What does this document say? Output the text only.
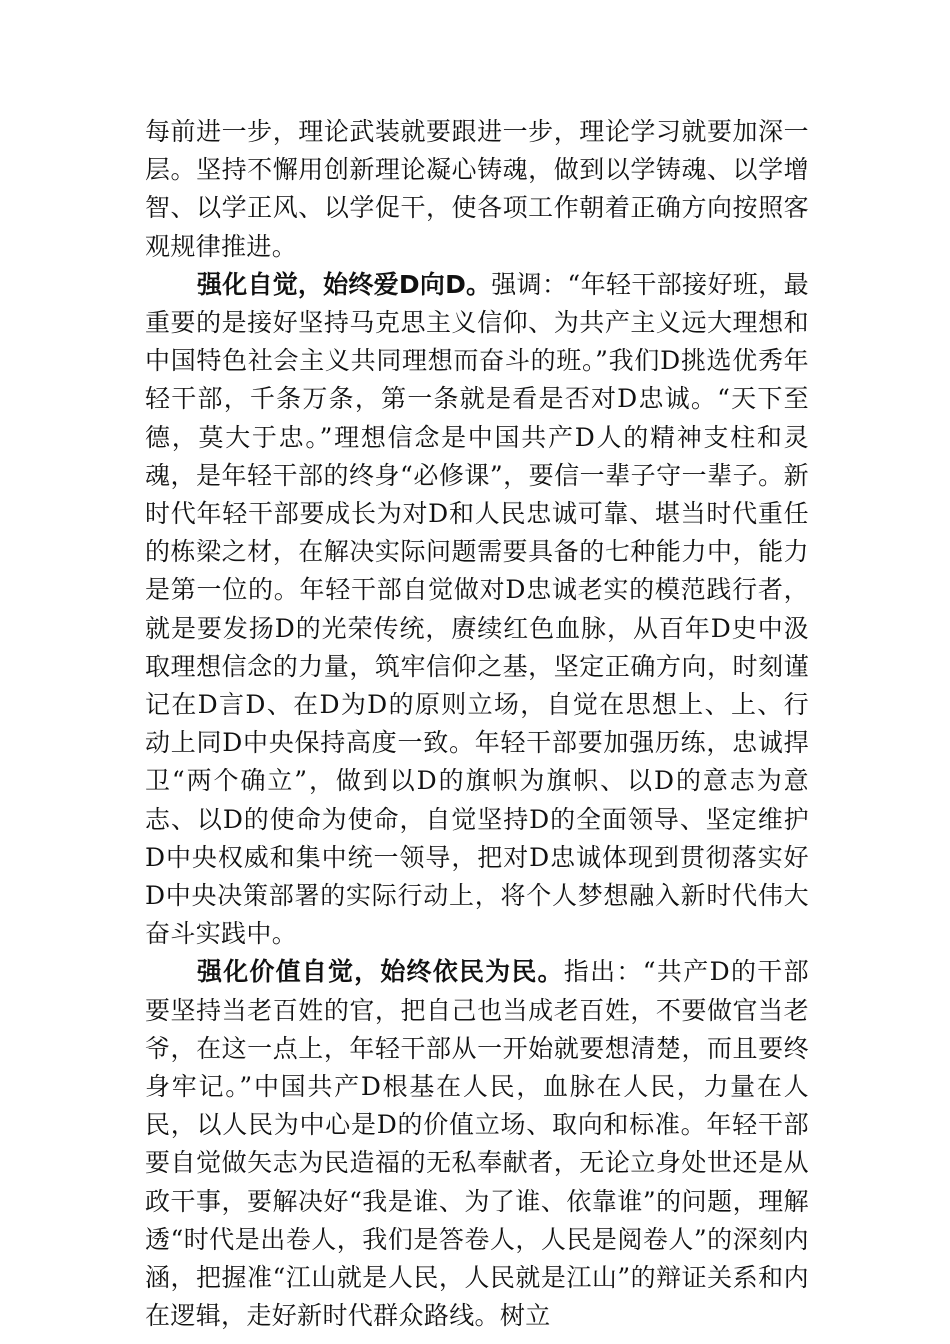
每前进一步，理论武装就要跟进一步，理论学习就要加深一层。坚持不懈用创新理论凝心铸魂，做到以学铸魂、以学增智、以学正风、以学促干，使各项工作朝着正确方向按照客观规律推进。

强化自觉，始终爱D向D。强调：“年轻干部接好班，最重要的是接好坚持马克思主义信仰、为共产主义远大理想和中国特色社会主义共同理想而奋斗的班。”我们D挑选优秀年轻干部，千条万条，第一条就是看是否对D忠诚。“天下至德，莫大于忠。”理想信念是中国共产D人的精神支柱和灵魂，是年轻干部的终身“必修课”，要信一辈子守一辈子。新时代年轻干部要成长为对D和人民忠诚可靠、堪当时代重任的栋梁之材，在解决实际问题需要具备的七种能力中，能力是第一位的。年轻干部自觉做对D忠诚老实的模范践行者，就是要发扬D的光荣传统，赓续红色血脉，从百年D史中汲取理想信念的力量，筑牢信仰之基，坚定正确方向，时刻谨记在D言D、在D为D的原则立场，自觉在思想上、上、行动上同D中央保持高度一致。年轻干部要加强历练，忠诚捍卫“两个确立”，做到以D的旗帜为旗帜、以D的意志为意志、以D的使命为使命，自觉坚持D的全面领导、坚定维护D中央权威和集中统一领导，把对D忠诚体现到贯彻落实好D中央决策部署的实际行动上，将个人梦想融入新时代伟大奋斗实践中。

强化价值自觉，始终依民为民。指出：“共产D的干部要坚持当老百姓的官，把自己也当成老百姓，不要做官当老爷，在这一点上，年轻干部从一开始就要想清楚，而且要终身牢记。”中国共产D根基在人民，血脉在人民，力量在人民，以人民为中心是D的价值立场、取向和标准。年轻干部要自觉做矢志为民造福的无私奉献者，无论立身处世还是从政干事，要解决好“我是谁、为了谁、依靠谁”的问题，理解透“时代是出卷人，我们是答卷人，人民是阅卷人”的深刻内涵，把握准“江山就是人民，人民就是江山”的辩证关系和内在逻辑，走好新时代群众路线。树立
